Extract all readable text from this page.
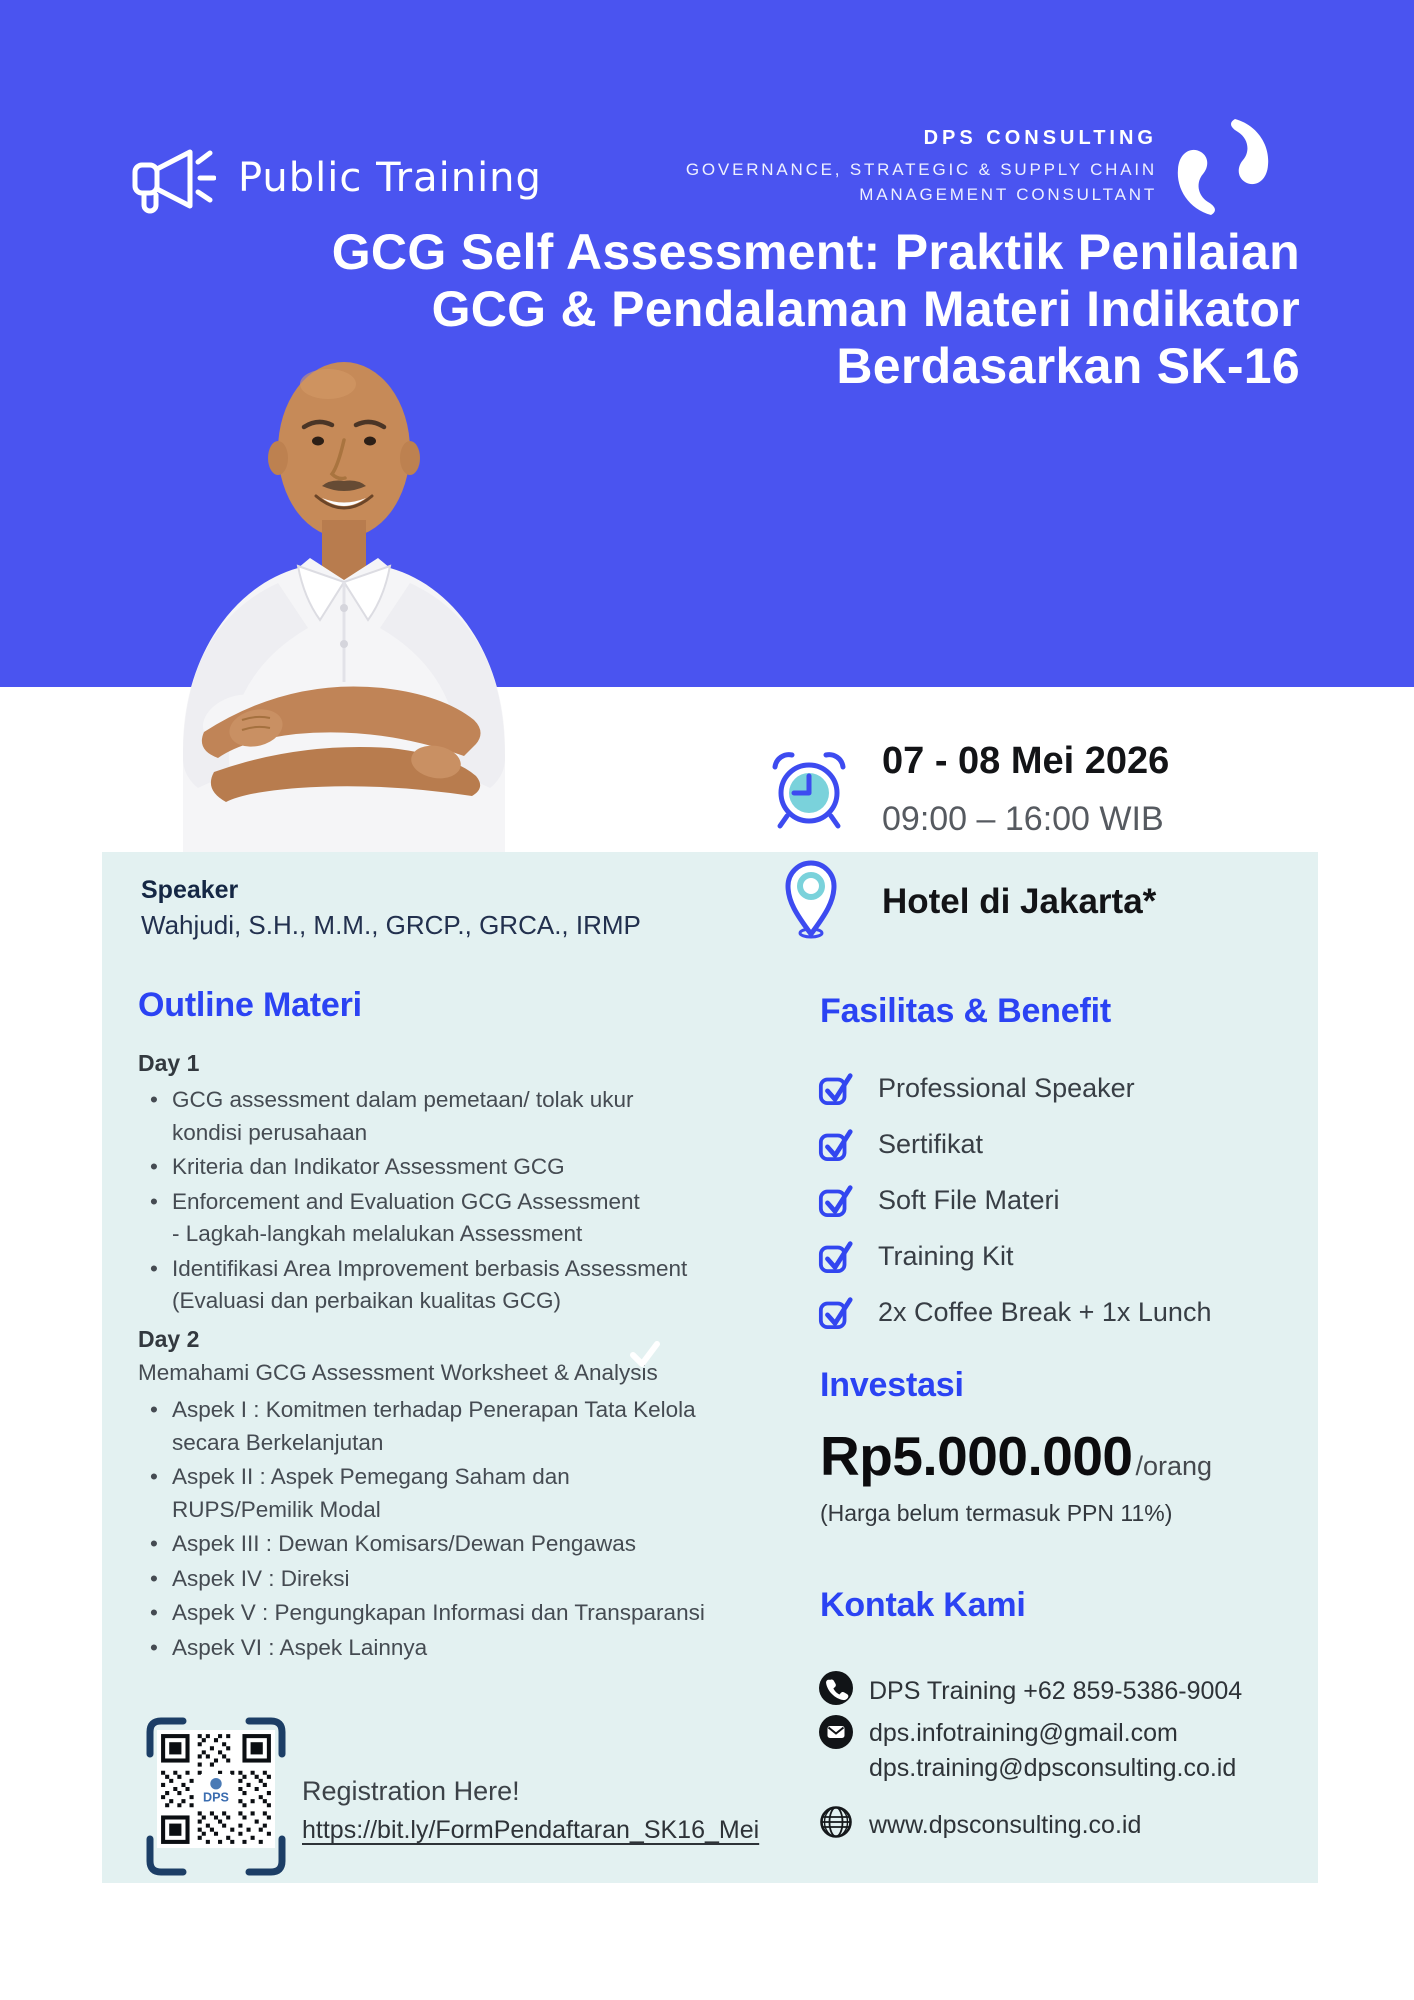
Public Training
DPS CONSULTING
GOVERNANCE, STRATEGIC & SUPPLY CHAIN
MANAGEMENT CONSULTANT
GCG Self Assessment: Praktik Penilaian
GCG & Pendalaman Materi Indikator
Berdasarkan SK-16
07 - 08 Mei 2026
09:00 – 16:00 WIB
Hotel di Jakarta*
Speaker
Wahjudi, S.H., M.M., GRCP., GRCA., IRMP
Outline Materi
Day 1
• GCG assessment dalam pemetaan/ tolak ukur
kondisi perusahaan
• Kriteria dan Indikator Assessment GCG
• Enforcement and Evaluation GCG Assessment
- Lagkah-langkah melalukan Assessment
• Identifikasi Area Improvement berbasis Assessment
(Evaluasi dan perbaikan kualitas GCG)
Day 2
Memahami GCG Assessment Worksheet & Analysis
• Aspek I : Komitmen terhadap Penerapan Tata Kelola
secara Berkelanjutan
• Aspek II : Aspek Pemegang Saham dan
RUPS/Pemilik Modal
• Aspek III : Dewan Komisars/Dewan Pengawas
• Aspek IV : Direksi
• Aspek V : Pengungkapan Informasi dan Transparansi
• Aspek VI : Aspek Lainnya
Fasilitas & Benefit
Professional Speaker
Sertifikat
Soft File Materi
Training Kit
2x Coffee Break + 1x Lunch
Investasi
Rp5.000.000 /orang
(Harga belum termasuk PPN 11%)
Kontak Kami
DPS Training +62 859-5386-9004
dps.infotraining@gmail.com
dps.training@dpsconsulting.co.id
www.dpsconsulting.co.id
DPS	Registration Here!
https://bit.ly/FormPendaftaran_SK16_Mei
